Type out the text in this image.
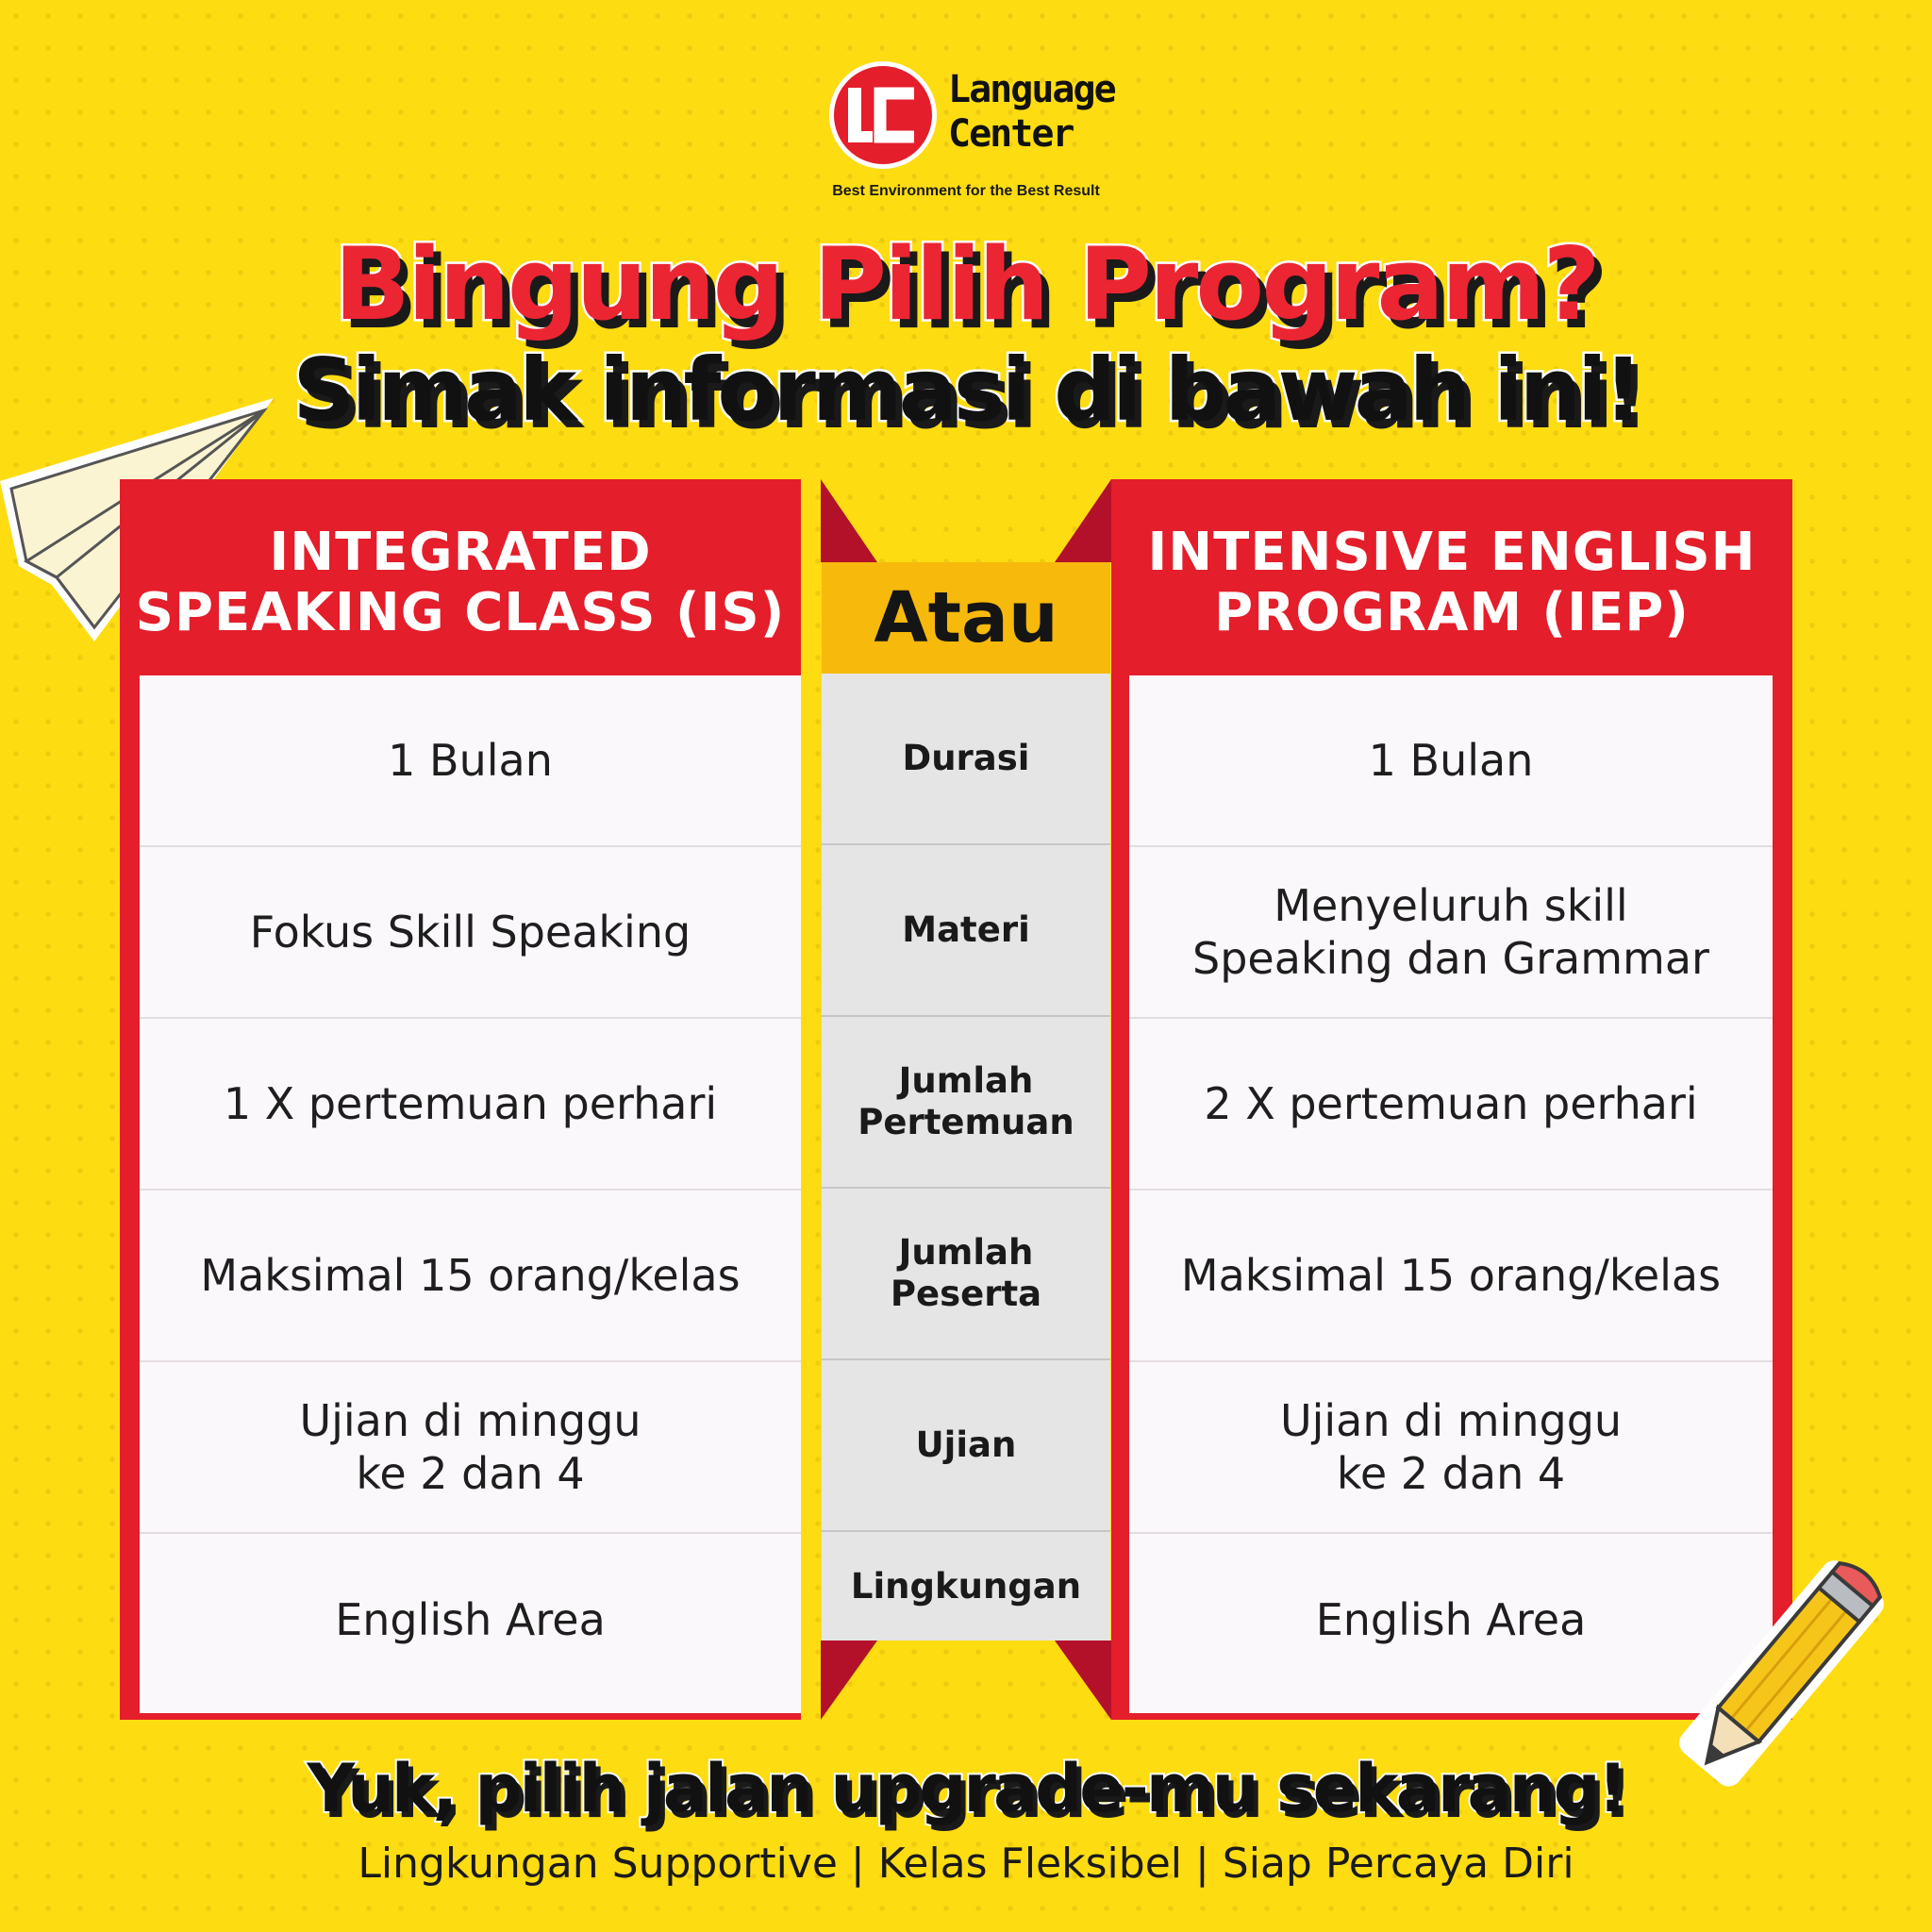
Language
Center
Best Environment for the Best Result
Bingung Pilih Program?
Simak informasi di bawah ini!
INTEGRATED
SPEAKING CLASS (IS)
1 Bulan
Fokus Skill Speaking
1 X pertemuan perhari
Maksimal 15 orang/kelas
Ujian di minggu
ke 2 dan 4
English Area
Atau
Durasi
Materi
Jumlah
Pertemuan
Jumlah
Peserta
Ujian
Lingkungan
INTENSIVE ENGLISH
PROGRAM (IEP)
1 Bulan
Menyeluruh skill
Speaking dan Grammar
2 X pertemuan perhari
Maksimal 15 orang/kelas
Ujian di minggu
ke 2 dan 4
English Area
Yuk, pilih jalan upgrade-mu sekarang!
Lingkungan Supportive | Kelas Fleksibel | Siap Percaya Diri
